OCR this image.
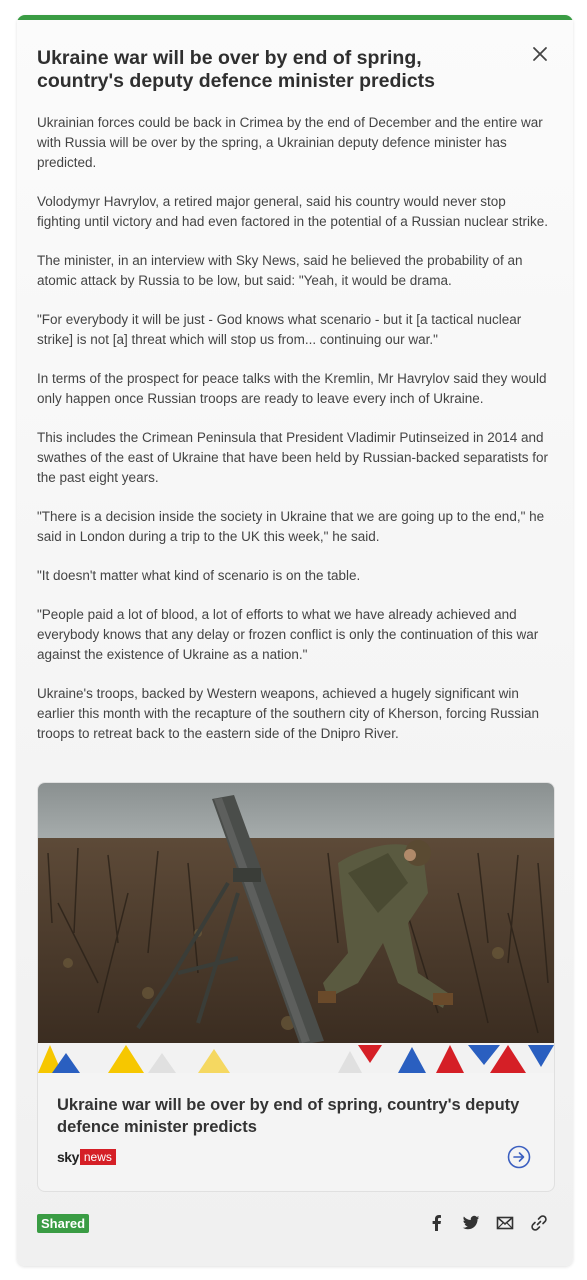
Ukraine war will be over by end of spring, country's deputy defence minister predicts

Ukrainian forces could be back in Crimea by the end of December and the entire war with Russia will be over by the spring, a Ukrainian deputy defence minister has predicted.

Volodymyr Havrylov, a retired major general, said his country would never stop fighting until victory and had even factored in the potential of a Russian nuclear strike.

The minister, in an interview with Sky News, said he believed the probability of an atomic attack by Russia to be low, but said: "Yeah, it would be drama.

"For everybody it will be just - God knows what scenario - but it [a tactical nuclear strike] is not [a] threat which will stop us from... continuing our war."

In terms of the prospect for peace talks with the Kremlin, Mr Havrylov said they would only happen once Russian troops are ready to leave every inch of Ukraine.

This includes the Crimean Peninsula that President Vladimir Putinseized in 2014 and swathes of the east of Ukraine that have been held by Russian-backed separatists for the past eight years.

"There is a decision inside the society in Ukraine that we are going up to the end," he said in London during a trip to the UK this week," he said.

"It doesn't matter what kind of scenario is on the table.

"People paid a lot of blood, a lot of efforts to what we have already achieved and everybody knows that any delay or frozen conflict is only the continuation of this war against the existence of Ukraine as a nation."

Ukraine's troops, backed by Western weapons, achieved a hugely significant win earlier this month with the recapture of the southern city of Kherson, forcing Russian troops to retreat back to the eastern side of the Dnipro River.

Ukraine war will be over by end of spring, country's deputy defence minister predicts
sky news
Shared
